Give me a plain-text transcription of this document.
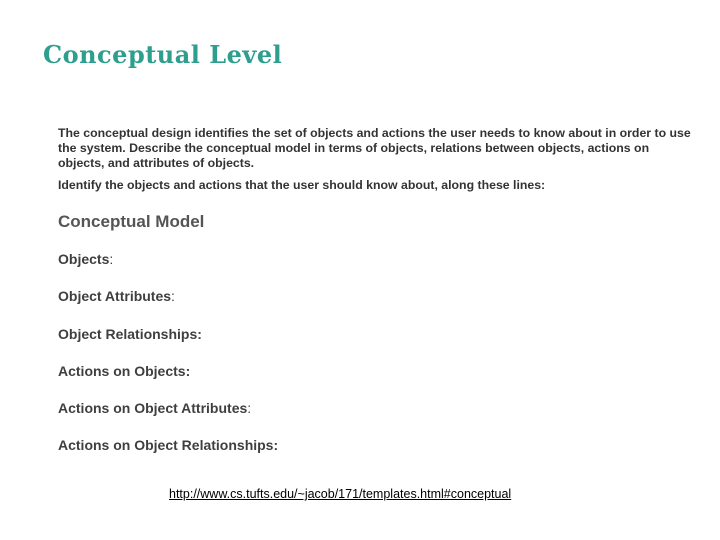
Conceptual Level

The conceptual design identifies the set of objects and actions the user needs to know about in order to use the system. Describe the conceptual model in terms of objects, relations between objects, actions on objects, and attributes of objects.

Identify the objects and actions that the user should know about, along these lines:

Conceptual Model
Objects:
Object Attributes:
Object Relationships:
Actions on Objects:
Actions on Object Attributes:
Actions on Object Relationships:
http://www.cs.tufts.edu/~jacob/171/templates.html#conceptual
